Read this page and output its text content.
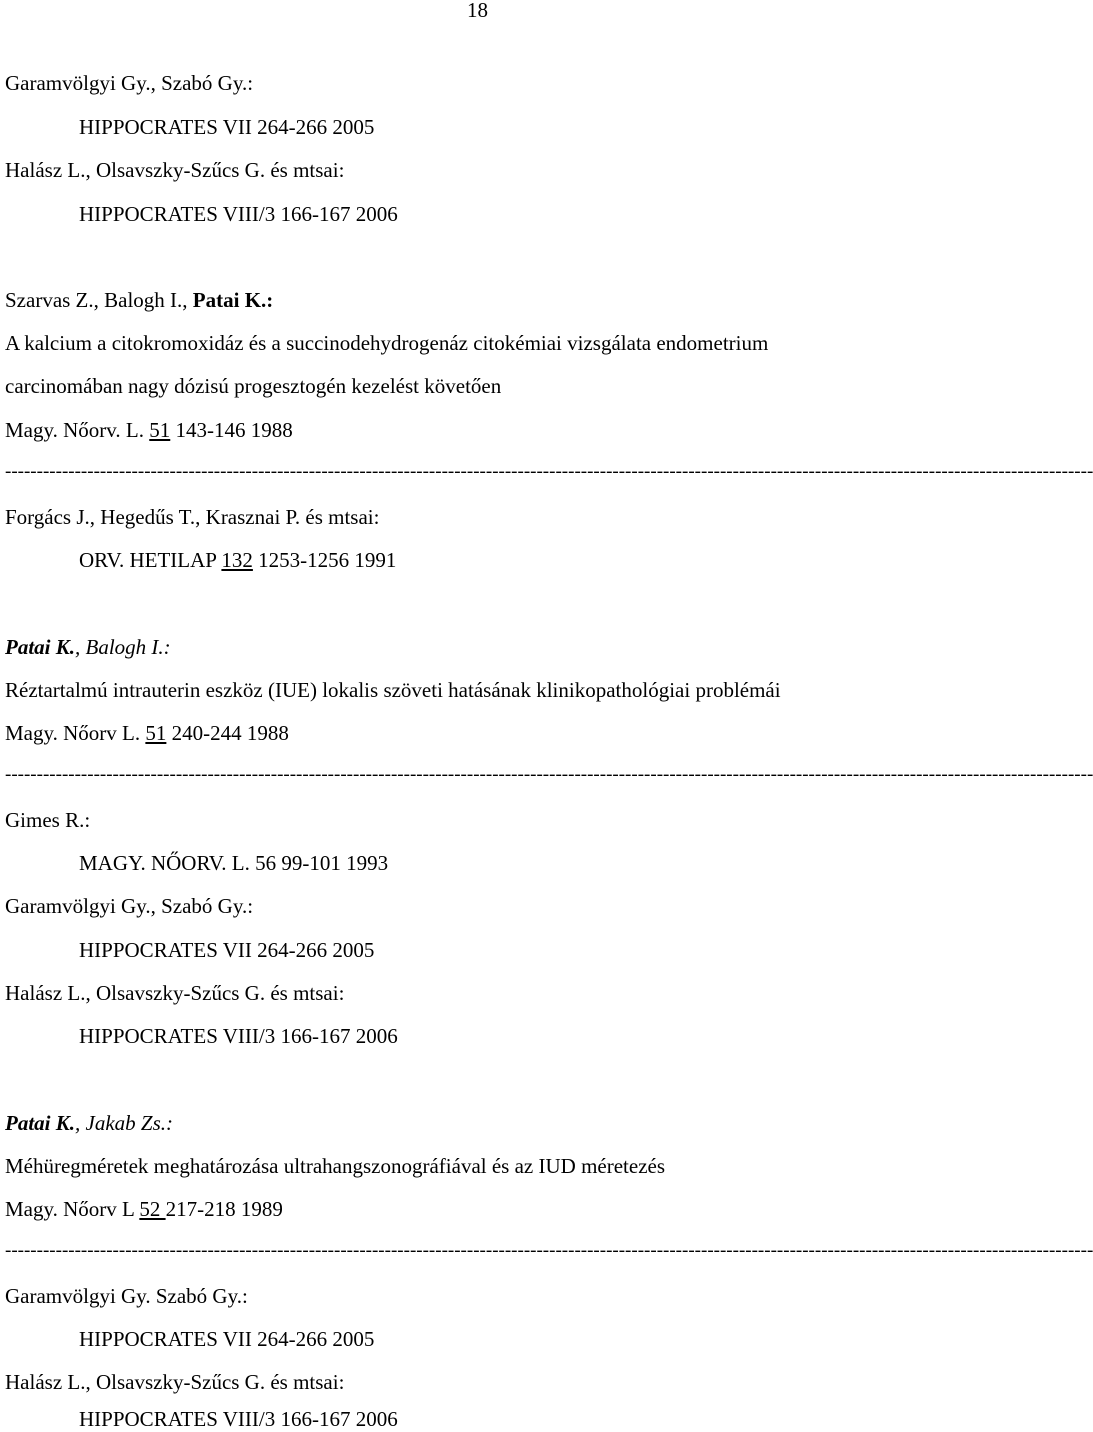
18
Garamvölgyi Gy., Szabó Gy.:
HIPPOCRATES VII 264-266 2005
Halász L., Olsavszky-Szűcs G. és mtsai:
HIPPOCRATES VIII/3 166-167 2006
Szarvas Z., Balogh I., Patai K.:
A kalcium a citokromoxidáz és a succinodehydrogenáz citokémiai vizsgálata endometrium
carcinomában nagy dózisú progesztogén kezelést követően
Magy. Nőorv. L. 51 143-146 1988
----------------------------------------------------------------------------------------------------------------------------------------------------------------------------
Forgács J., Hegedűs T., Krasznai P. és mtsai:
ORV. HETILAP 132 1253-1256 1991
Patai K., Balogh I.:
Réztartalmú intrauterin eszköz (IUE) lokalis szöveti hatásának klinikopathológiai problémái
Magy. Nőorv L. 51 240-244 1988
----------------------------------------------------------------------------------------------------------------------------------------------------------------------------
Gimes R.:
MAGY. NŐORV. L. 56 99-101 1993
Garamvölgyi Gy., Szabó Gy.:
HIPPOCRATES VII 264-266 2005
Halász L., Olsavszky-Szűcs G. és mtsai:
HIPPOCRATES VIII/3 166-167 2006
Patai K., Jakab Zs.:
Méhüregméretek meghatározása ultrahangszonográfiával és az IUD méretezés
Magy. Nőorv L 52 217-218 1989
----------------------------------------------------------------------------------------------------------------------------------------------------------------------------
Garamvölgyi Gy. Szabó Gy.:
HIPPOCRATES VII 264-266 2005
Halász L., Olsavszky-Szűcs G. és mtsai:
HIPPOCRATES VIII/3 166-167 2006
